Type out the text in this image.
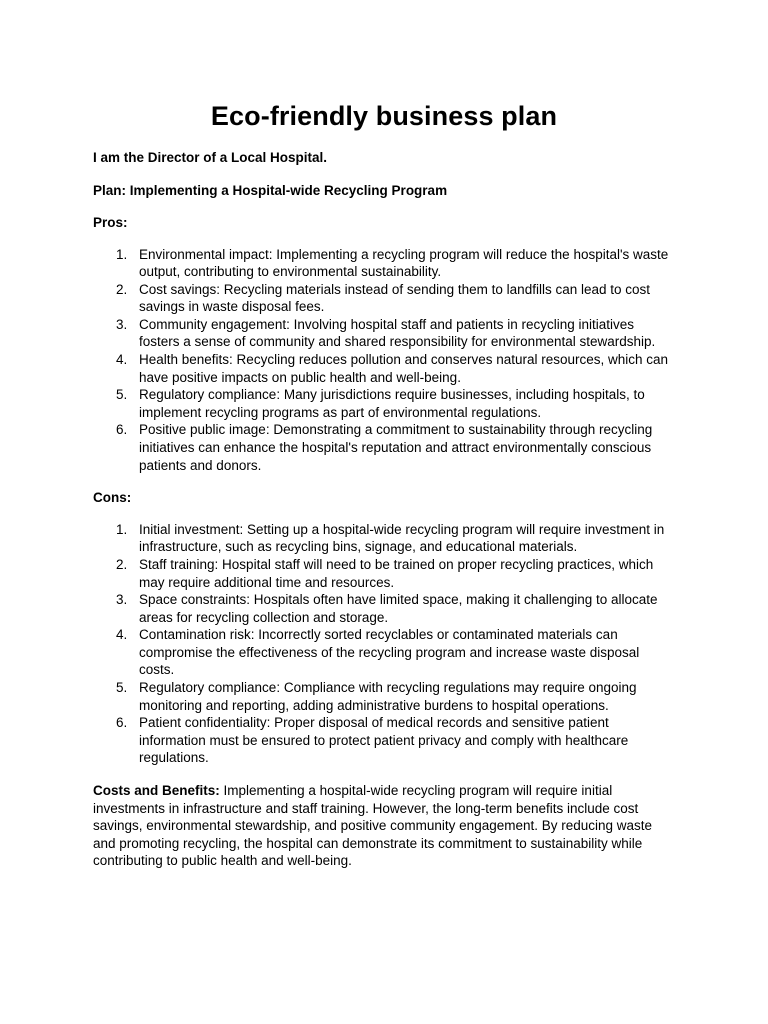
Eco-friendly business plan

I am the Director of a Local Hospital.

Plan: Implementing a Hospital-wide Recycling Program

Pros:

1. Environmental impact: Implementing a recycling program will reduce the hospital's waste output, contributing to environmental sustainability.
2. Cost savings: Recycling materials instead of sending them to landfills can lead to cost savings in waste disposal fees.
3. Community engagement: Involving hospital staff and patients in recycling initiatives fosters a sense of community and shared responsibility for environmental stewardship.
4. Health benefits: Recycling reduces pollution and conserves natural resources, which can have positive impacts on public health and well-being.
5. Regulatory compliance: Many jurisdictions require businesses, including hospitals, to implement recycling programs as part of environmental regulations.
6. Positive public image: Demonstrating a commitment to sustainability through recycling initiatives can enhance the hospital's reputation and attract environmentally conscious patients and donors.

Cons:

1. Initial investment: Setting up a hospital-wide recycling program will require investment in infrastructure, such as recycling bins, signage, and educational materials.
2. Staff training: Hospital staff will need to be trained on proper recycling practices, which may require additional time and resources.
3. Space constraints: Hospitals often have limited space, making it challenging to allocate areas for recycling collection and storage.
4. Contamination risk: Incorrectly sorted recyclables or contaminated materials can compromise the effectiveness of the recycling program and increase waste disposal costs.
5. Regulatory compliance: Compliance with recycling regulations may require ongoing monitoring and reporting, adding administrative burdens to hospital operations.
6. Patient confidentiality: Proper disposal of medical records and sensitive patient information must be ensured to protect patient privacy and comply with healthcare regulations.

Costs and Benefits: Implementing a hospital-wide recycling program will require initial investments in infrastructure and staff training. However, the long-term benefits include cost savings, environmental stewardship, and positive community engagement. By reducing waste and promoting recycling, the hospital can demonstrate its commitment to sustainability while contributing to public health and well-being.
